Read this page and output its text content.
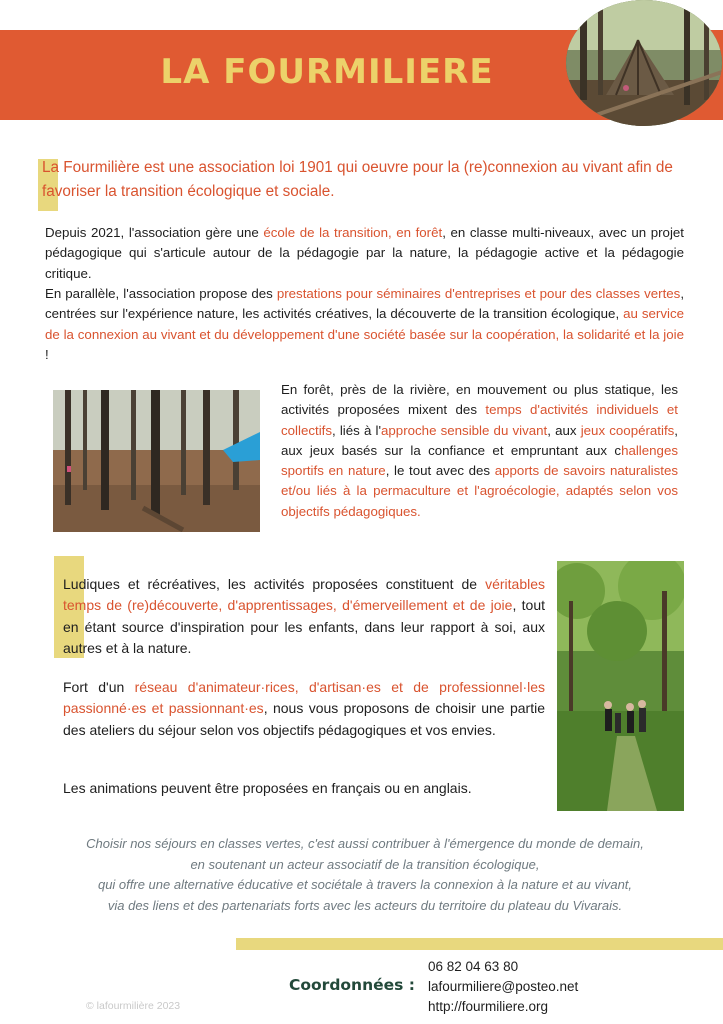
LA FOURMILIERE
La Fourmilière est une association loi 1901 qui oeuvre pour la (re)connexion au vivant afin de favoriser la transition écologique et sociale.
Depuis 2021, l'association gère une école de la transition, en forêt, en classe multi-niveaux, avec un projet pédagogique qui s'articule autour de la pédagogie par la nature, la pédagogie active et la pédagogie critique.
En parallèle, l'association propose des prestations pour séminaires d'entreprises et pour des classes vertes, centrées sur l'expérience nature, les activités créatives, la découverte de la transition écologique, au service de la connexion au vivant et du développement d'une société basée sur la coopération, la solidarité et la joie !
En forêt, près de la rivière, en mouvement ou plus statique, les activités proposées mixent des temps d'activités individuels et collectifs, liés à l'approche sensible du vivant, aux jeux coopératifs, aux jeux basés sur la confiance et empruntant aux challenges sportifs en nature, le tout avec des apports de savoirs naturalistes et/ou liés à la permaculture et l'agroécologie, adaptés selon vos objectifs pédagogiques.
Ludiques et récréatives, les activités proposées constituent de véritables temps de (re)découverte, d'apprentissages, d'émerveillement et de joie, tout en étant source d'inspiration pour les enfants, dans leur rapport à soi, aux autres et à la nature.
Fort d'un réseau d'animateur·rices, d'artisan·es et de professionnel·les passionné·es et passionnant·es, nous vous proposons de choisir une partie des ateliers du séjour selon vos objectifs pédagogiques et vos envies.
Les animations peuvent être proposées en français ou en anglais.
Choisir nos séjours en classes vertes, c'est aussi contribuer à l'émergence du monde de demain,
en soutenant un acteur associatif de la transition écologique,
qui offre une alternative éducative et sociétale à travers la connexion à la nature et au vivant,
via des liens et des partenariats forts avec les acteurs du territoire du plateau du Vivarais.
Coordonnées :
06 82 04 63 80
lafourmiliere@posteo.net
http://fourmiliere.org
© lafourmilière 2023
